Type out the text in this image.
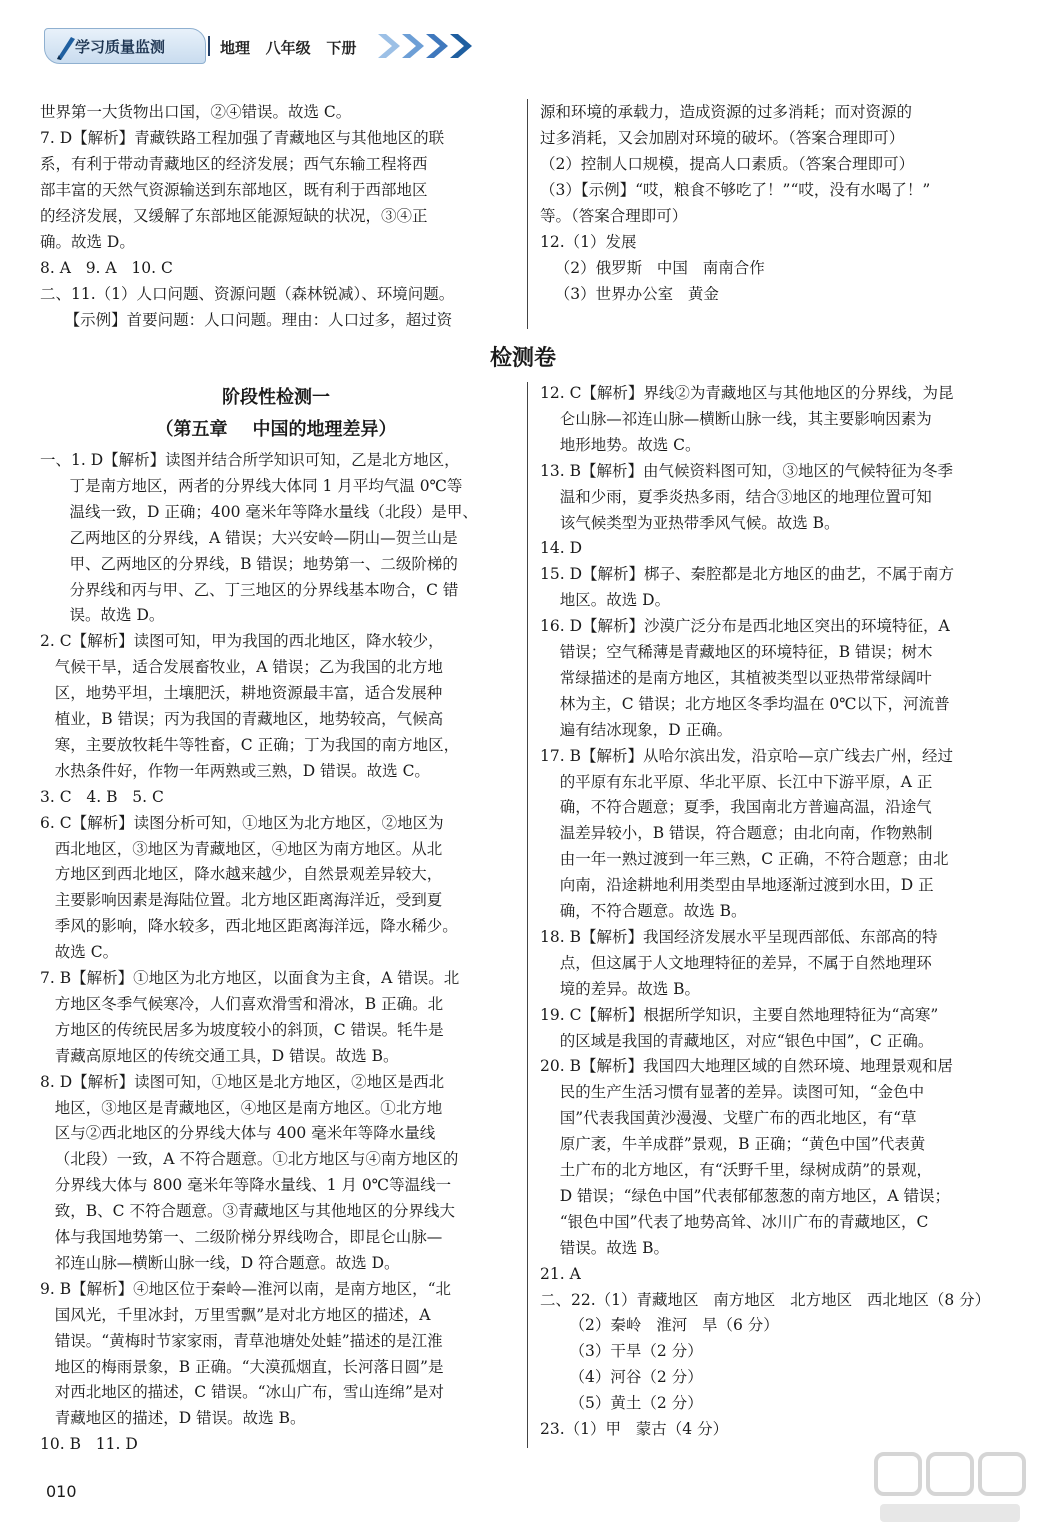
学习质量监测	地理   八年级   下册
世界第一大货物出口国，②④错误。故选 C。
7. D【解析】青藏铁路工程加强了青藏地区与其他地区的联
系，有利于带动青藏地区的经济发展；西气东输工程将西
部丰富的天然气资源输送到东部地区，既有利于西部地区
的经济发展，又缓解了东部地区能源短缺的状况，③④正
确。故选 D。
8. A   9. A   10. C
二、11.（1）人口问题、资源问题（森林锐减）、环境问题。
【示例】首要问题：人口问题。理由：人口过多，超过资
源和环境的承载力，造成资源的过多消耗；而对资源的
过多消耗，又会加剧对环境的破坏。（答案合理即可）
（2）控制人口规模，提高人口素质。（答案合理即可）
（3）【示例】“哎，粮食不够吃了！”“哎，没有水喝了！”
等。（答案合理即可）
12.（1）发展
（2）俄罗斯   中国   南南合作
（3）世界办公室   黄金
检测卷
阶段性检测一
（第五章    中国的地理差异）
一、1. D【解析】读图并结合所学知识可知，乙是北方地区，
丁是南方地区，两者的分界线大体同 1 月平均气温 0℃等
温线一致，D 正确；400 毫米年等降水量线（北段）是甲、
乙两地区的分界线，A 错误；大兴安岭—阴山—贺兰山是
甲、乙两地区的分界线，B 错误；地势第一、二级阶梯的
分界线和丙与甲、乙、丁三地区的分界线基本吻合，C 错
误。故选 D。
2. C【解析】读图可知，甲为我国的西北地区，降水较少，
气候干旱，适合发展畜牧业，A 错误；乙为我国的北方地
区，地势平坦，土壤肥沃，耕地资源最丰富，适合发展种
植业，B 错误；丙为我国的青藏地区，地势较高，气候高
寒，主要放牧耗牛等牲畜，C 正确；丁为我国的南方地区，
水热条件好，作物一年两熟或三熟，D 错误。故选 C。
3. C   4. B   5. C
6. C【解析】读图分析可知，①地区为北方地区，②地区为
西北地区，③地区为青藏地区，④地区为南方地区。从北
方地区到西北地区，降水越来越少，自然景观差异较大，
主要影响因素是海陆位置。北方地区距离海洋近，受到夏
季风的影响，降水较多，西北地区距离海洋远，降水稀少。
故选 C。
7. B【解析】①地区为北方地区，以面食为主食，A 错误。北
方地区冬季气候寒冷，人们喜欢滑雪和滑冰，B 正确。北
方地区的传统民居多为坡度较小的斜顶，C 错误。牦牛是
青藏高原地区的传统交通工具，D 错误。故选 B。
8. D【解析】读图可知，①地区是北方地区，②地区是西北
地区，③地区是青藏地区，④地区是南方地区。①北方地
区与②西北地区的分界线大体与 400 毫米年等降水量线
（北段）一致，A 不符合题意。①北方地区与④南方地区的
分界线大体与 800 毫米年等降水量线、1 月 0℃等温线一
致，B、C 不符合题意。③青藏地区与其他地区的分界线大
体与我国地势第一、二级阶梯分界线吻合，即昆仑山脉—
祁连山脉—横断山脉一线，D 符合题意。故选 D。
9. B【解析】④地区位于秦岭—淮河以南，是南方地区，“北
国风光，千里冰封，万里雪飘”是对北方地区的描述，A
错误。“黄梅时节家家雨，青草池塘处处蛙”描述的是江淮
地区的梅雨景象，B 正确。“大漠孤烟直，长河落日圆”是
对西北地区的描述，C 错误。“冰山广布，雪山连绵”是对
青藏地区的描述，D 错误。故选 B。
10. B   11. D
12. C【解析】界线②为青藏地区与其他地区的分界线，为昆
仑山脉—祁连山脉—横断山脉一线，其主要影响因素为
地形地势。故选 C。
13. B【解析】由气候资料图可知，③地区的气候特征为冬季
温和少雨，夏季炎热多雨，结合③地区的地理位置可知
该气候类型为亚热带季风气候。故选 B。
14. D
15. D【解析】梆子、秦腔都是北方地区的曲艺，不属于南方
地区。故选 D。
16. D【解析】沙漠广泛分布是西北地区突出的环境特征，A
错误；空气稀薄是青藏地区的环境特征，B 错误；树木
常绿描述的是南方地区，其植被类型以亚热带常绿阔叶
林为主，C 错误；北方地区冬季均温在 0℃以下，河流普
遍有结冰现象，D 正确。
17. B【解析】从哈尔滨出发，沿京哈—京广线去广州，经过
的平原有东北平原、华北平原、长江中下游平原，A 正
确，不符合题意；夏季，我国南北方普遍高温，沿途气
温差异较小，B 错误，符合题意；由北向南，作物熟制
由一年一熟过渡到一年三熟，C 正确，不符合题意；由北
向南，沿途耕地利用类型由旱地逐渐过渡到水田，D 正
确，不符合题意。故选 B。
18. B【解析】我国经济发展水平呈现西部低、东部高的特
点，但这属于人文地理特征的差异，不属于自然地理环
境的差异。故选 B。
19. C【解析】根据所学知识，主要自然地理特征为“高寒”
的区域是我国的青藏地区，对应“银色中国”，C 正确。
20. B【解析】我国四大地理区域的自然环境、地理景观和居
民的生产生活习惯有显著的差异。读图可知，“金色中
国”代表我国黄沙漫漫、戈壁广布的西北地区，有“草
原广袤，牛羊成群”景观，B 正确；“黄色中国”代表黄
土广布的北方地区，有“沃野千里，绿树成荫”的景观，
D 错误；“绿色中国”代表郁郁葱葱的南方地区，A 错误；
“银色中国”代表了地势高耸、冰川广布的青藏地区，C
错误。故选 B。
21. A
二、22.（1）青藏地区   南方地区   北方地区   西北地区（8 分）
（2）秦岭   淮河   旱（6 分）
（3）干旱（2 分）
（4）河谷（2 分）
（5）黄土（2 分）
23.（1）甲   蒙古（4 分）
010
